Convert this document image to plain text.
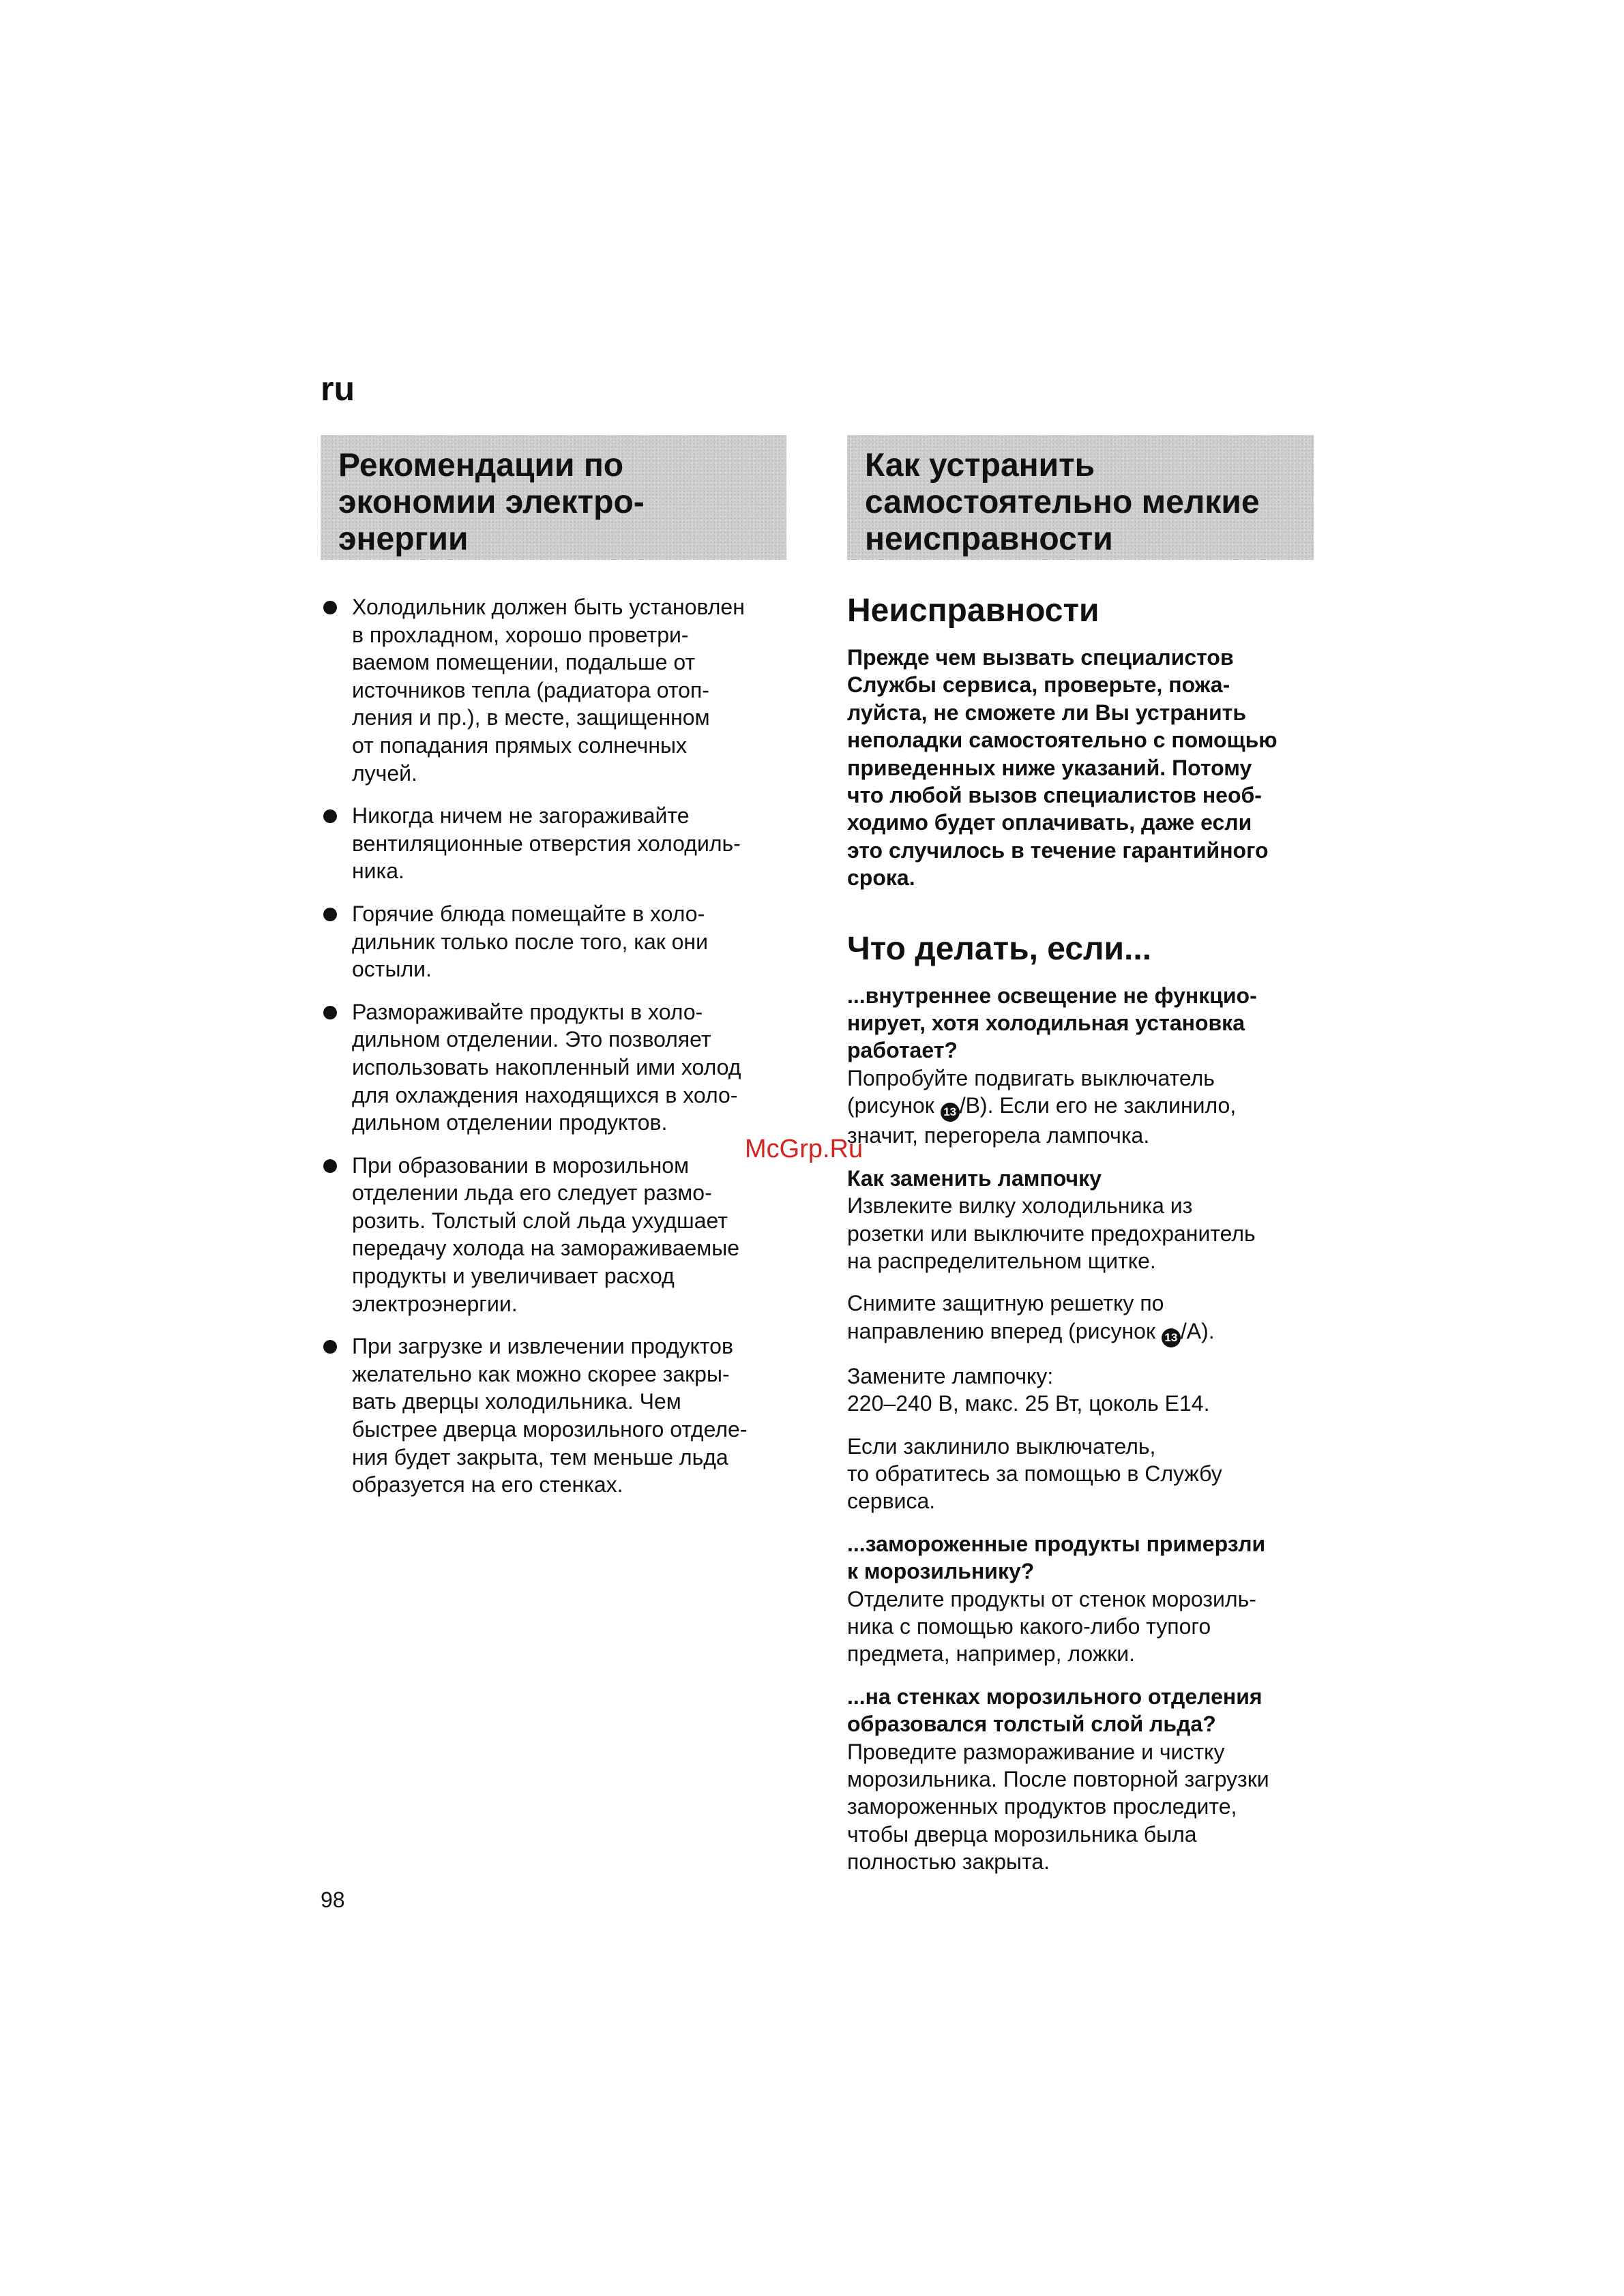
ru
Рекомендации по
экономии электро-
энергии
Как устранить
самостоятельно мелкие
неисправности
Холодильник должен быть установлен
в прохладном, хорошо проветри-
ваемом помещении, подальше от
источников тепла (радиатора отоп-
ления и пр.), в месте, защищенном
от попадания прямых солнечных
лучей.
Никогда ничем не загораживайте
вентиляционные отверстия холодиль-
ника.
Горячие блюда помещайте в холо-
дильник только после того, как они
остыли.
Размораживайте продукты в холо-
дильном отделении. Это позволяет
использовать накопленный ими холод
для охлаждения находящихся в холо-
дильном отделении продуктов.
При образовании в морозильном
отделении льда его следует размо-
розить. Толстый слой льда ухудшает
передачу холода на замораживаемые
продукты и увеличивает расход
электроэнергии.
При загрузке и извлечении продуктов
желательно как можно скорее закры-
вать дверцы холодильника. Чем
быстрее дверца морозильного отделе-
ния будет закрыта, тем меньше льда
образуется на его стенках.
Неисправности

Прежде чем вызвать специалистов
Службы сервиса, проверьте, пожа-
луйста, не сможете ли Вы устранить
неполадки самостоятельно с помощью
приведенных ниже указаний. Потому
что любой вызов специалистов необ-
ходимо будет оплачивать, даже если
это случилось в течение гарантийного
срока.

Что делать, если...

...внутреннее освещение не функцио-
нирует, хотя холодильная установка
работает?

Попробуйте подвигать выключатель
(рисунок 13 /B). Если его не заклинило,
значит, перегорела лампочка.

Как заменить лампочку

Извлеките вилку холодильника из
розетки или выключите предохранитель
на распределительном щитке.

Снимите защитную решетку по
направлению вперед (рисунок 13 /A).

Замените лампочку:
220–240 В, макс. 25 Вт, цоколь E14.

Если заклинило выключатель,
то обратитесь за помощью в Службу
сервиса.

...замороженные продукты примерзли
к морозильнику?

Отделите продукты от стенок морозиль-
ника с помощью какого-либо тупого
предмета, например, ложки.

...на стенках морозильного отделения
образовался толстый слой льда?

Проведите размораживание и чистку
морозильника. После повторной загрузки
замороженных продуктов проследите,
чтобы дверца морозильника была
полностью закрыта.

McGrp.Ru
98
